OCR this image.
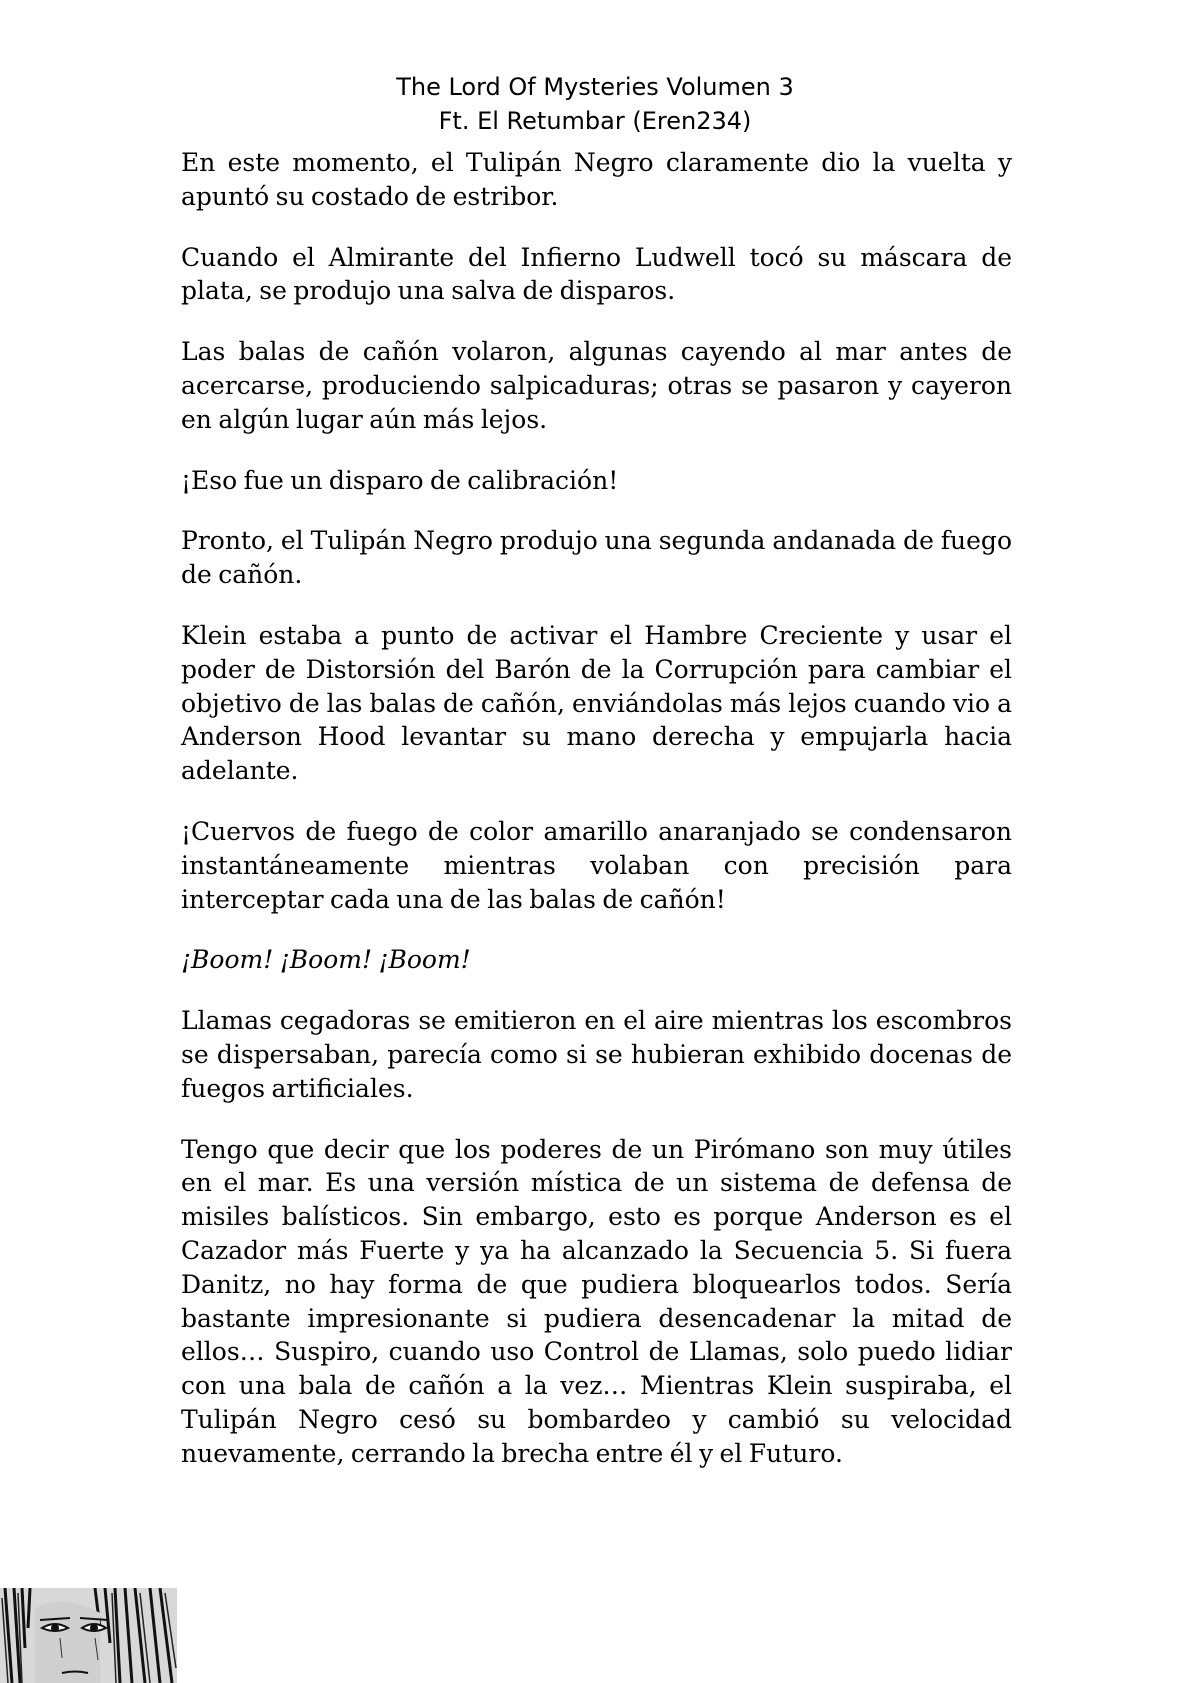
The Lord Of Mysteries Volumen 3
Ft. El Retumbar (Eren234)

En este momento, el Tulipán Negro claramente dio la vuelta y apuntó su costado de estribor.

Cuando el Almirante del Infierno Ludwell tocó su máscara de plata, se produjo una salva de disparos.

Las balas de cañón volaron, algunas cayendo al mar antes de acercarse, produciendo salpicaduras; otras se pasaron y cayeron en algún lugar aún más lejos.

¡Eso fue un disparo de calibración!

Pronto, el Tulipán Negro produjo una segunda andanada de fuego de cañón.

Klein estaba a punto de activar el Hambre Creciente y usar el poder de Distorsión del Barón de la Corrupción para cambiar el objetivo de las balas de cañón, enviándolas más lejos cuando vio a Anderson Hood levantar su mano derecha y empujarla hacia adelante.

¡Cuervos de fuego de color amarillo anaranjado se condensaron instantáneamente mientras volaban con precisión para interceptar cada una de las balas de cañón!

¡Boom! ¡Boom! ¡Boom!

Llamas cegadoras se emitieron en el aire mientras los escombros se dispersaban, parecía como si se hubieran exhibido docenas de fuegos artificiales.

Tengo que decir que los poderes de un Pirómano son muy útiles en el mar. Es una versión mística de un sistema de defensa de misiles balísticos. Sin embargo, esto es porque Anderson es el Cazador más Fuerte y ya ha alcanzado la Secuencia 5. Si fuera Danitz, no hay forma de que pudiera bloquearlos todos. Sería bastante impresionante si pudiera desencadenar la mitad de ellos… Suspiro, cuando uso Control de Llamas, solo puedo lidiar con una bala de cañón a la vez… Mientras Klein suspiraba, el Tulipán Negro cesó su bombardeo y cambió su velocidad nuevamente, cerrando la brecha entre él y el Futuro.
